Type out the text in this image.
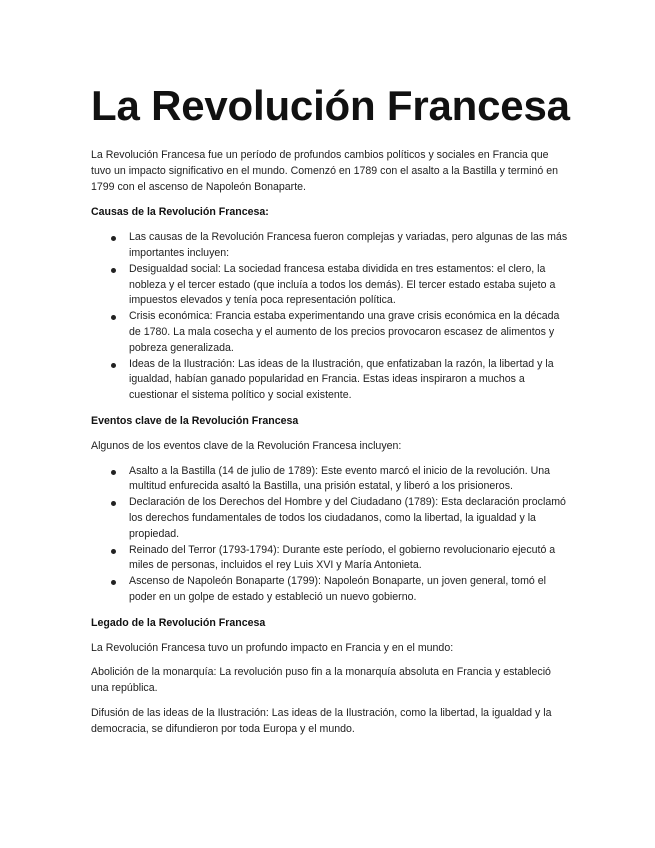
La Revolución Francesa

La Revolución Francesa fue un período de profundos cambios políticos y sociales en Francia que tuvo un impacto significativo en el mundo. Comenzó en 1789 con el asalto a la Bastilla y terminó en 1799 con el ascenso de Napoleón Bonaparte.

Causas de la Revolución Francesa:
Las causas de la Revolución Francesa fueron complejas y variadas, pero algunas de las más importantes incluyen:
Desigualdad social: La sociedad francesa estaba dividida en tres estamentos: el clero, la nobleza y el tercer estado (que incluía a todos los demás). El tercer estado estaba sujeto a impuestos elevados y tenía poca representación política.
Crisis económica: Francia estaba experimentando una grave crisis económica en la década de 1780. La mala cosecha y el aumento de los precios provocaron escasez de alimentos y pobreza generalizada.
Ideas de la Ilustración: Las ideas de la Ilustración, que enfatizaban la razón, la libertad y la igualdad, habían ganado popularidad en Francia. Estas ideas inspiraron a muchos a cuestionar el sistema político y social existente.
Eventos clave de la Revolución Francesa

Algunos de los eventos clave de la Revolución Francesa incluyen:

Asalto a la Bastilla (14 de julio de 1789): Este evento marcó el inicio de la revolución. Una multitud enfurecida asaltó la Bastilla, una prisión estatal, y liberó a los prisioneros.
Declaración de los Derechos del Hombre y del Ciudadano (1789): Esta declaración proclamó los derechos fundamentales de todos los ciudadanos, como la libertad, la igualdad y la propiedad.
Reinado del Terror (1793-1794): Durante este período, el gobierno revolucionario ejecutó a miles de personas, incluidos el rey Luis XVI y María Antonieta.
Ascenso de Napoleón Bonaparte (1799): Napoleón Bonaparte, un joven general, tomó el poder en un golpe de estado y estableció un nuevo gobierno.
Legado de la Revolución Francesa

La Revolución Francesa tuvo un profundo impacto en Francia y en el mundo:

Abolición de la monarquía: La revolución puso fin a la monarquía absoluta en Francia y estableció una república.

Difusión de las ideas de la Ilustración: Las ideas de la Ilustración, como la libertad, la igualdad y la democracia, se difundieron por toda Europa y el mundo.
